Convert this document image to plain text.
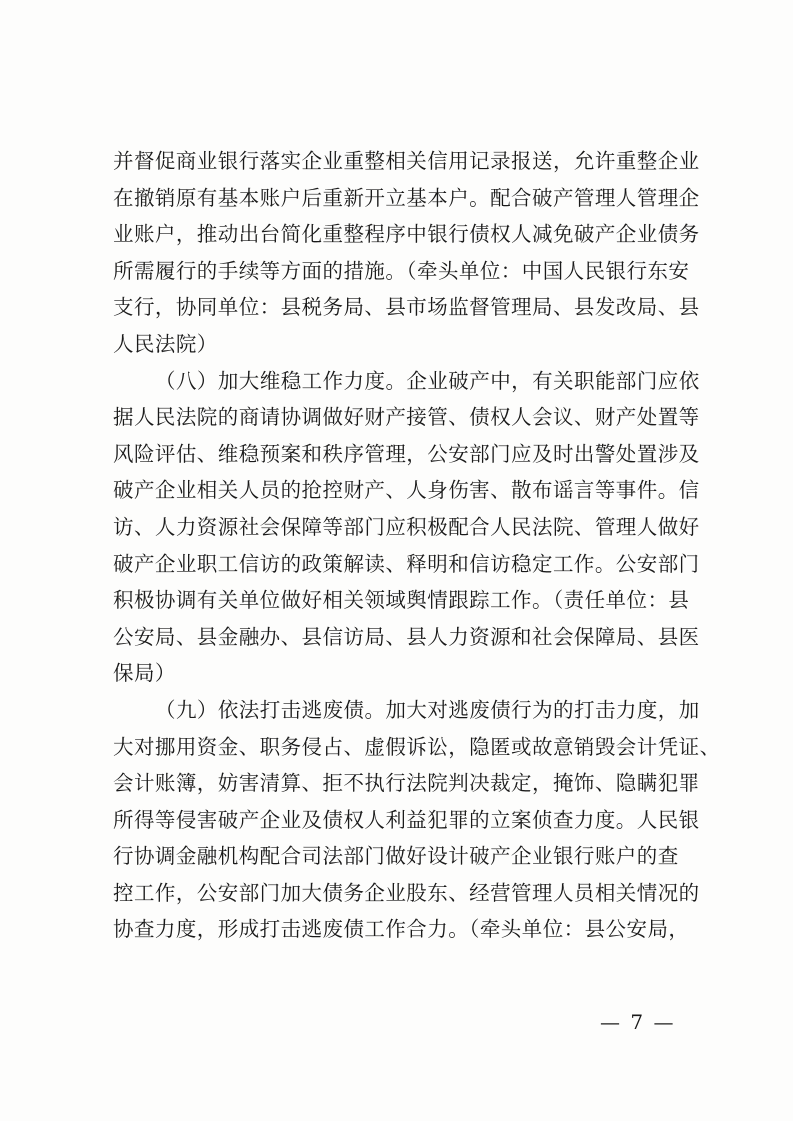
并督促商业银行落实企业重整相关信用记录报送，允许重整企业
在撤销原有基本账户后重新开立基本户。配合破产管理人管理企
业账户，推动出台简化重整程序中银行债权人减免破产企业债务
所需履行的手续等方面的措施。（牵头单位：中国人民银行东安
支行，协同单位：县税务局、县市场监督管理局、县发改局、县
人民法院）
（八）加大维稳工作力度。企业破产中，有关职能部门应依
据人民法院的商请协调做好财产接管、债权人会议、财产处置等
风险评估、维稳预案和秩序管理，公安部门应及时出警处置涉及
破产企业相关人员的抢控财产、人身伤害、散布谣言等事件。信
访、人力资源社会保障等部门应积极配合人民法院、管理人做好
破产企业职工信访的政策解读、释明和信访稳定工作。公安部门
积极协调有关单位做好相关领域舆情跟踪工作。（责任单位：县
公安局、县金融办、县信访局、县人力资源和社会保障局、县医
保局）
（九）依法打击逃废债。加大对逃废债行为的打击力度，加
大对挪用资金、职务侵占、虚假诉讼，隐匿或故意销毁会计凭证、
会计账簿，妨害清算、拒不执行法院判决裁定，掩饰、隐瞒犯罪
所得等侵害破产企业及债权人利益犯罪的立案侦查力度。人民银
行协调金融机构配合司法部门做好设计破产企业银行账户的查
控工作，公安部门加大债务企业股东、经营管理人员相关情况的
协查力度，形成打击逃废债工作合力。（牵头单位：县公安局，
— 7 —
